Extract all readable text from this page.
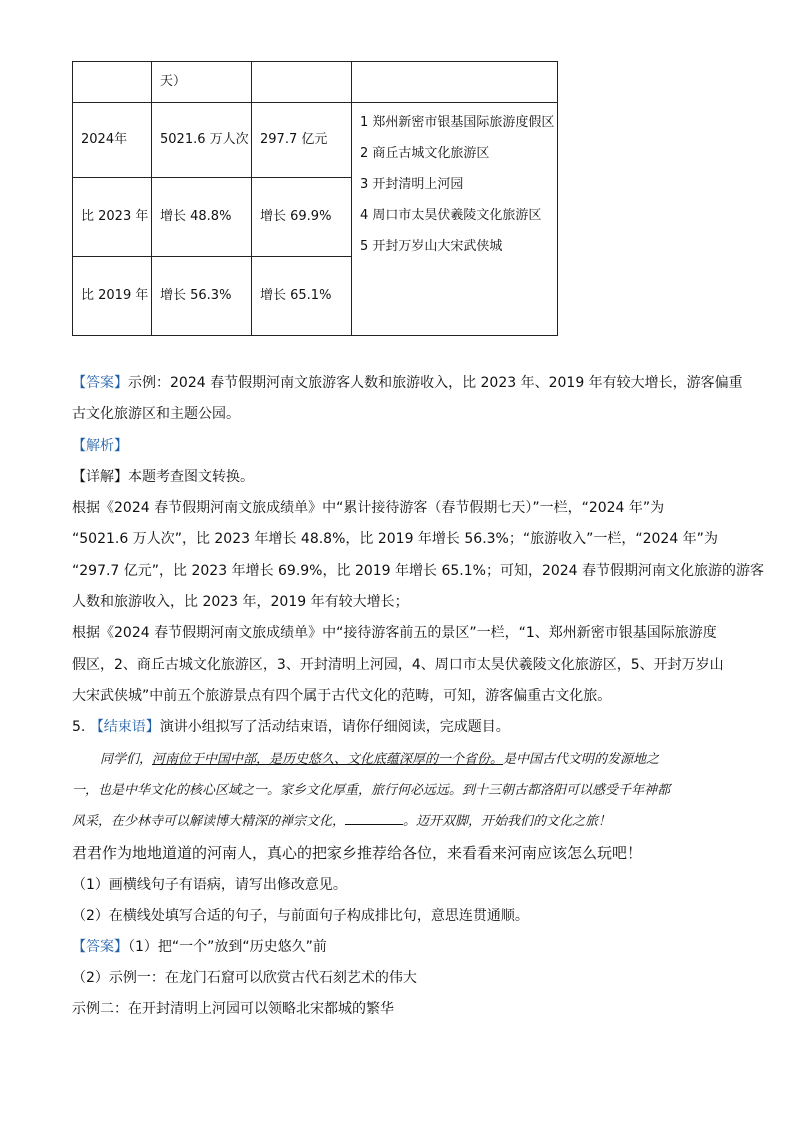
	天）		
2024年	5021.6 万人次	297.7 亿元	1 郑州新密市银基国际旅游度假区
2 商丘古城文化旅游区
3 开封清明上河园
4 周口市太昊伏羲陵文化旅游区
5 开封万岁山大宋武侠城

比 2023 年	增长 48.8%	增长 69.9%	
比 2019 年	增长 56.3%	增长 65.1%	
【答案】示例：2024 春节假期河南文旅游客人数和旅游收入，比 2023 年、2019 年有较大增长，游客偏重
古文化旅游区和主题公园。
【解析】
【详解】本题考查图文转换。
根据《2024 春节假期河南文旅成绩单》中“累计接待游客（春节假期七天）”一栏，“2024 年”为
“5021.6 万人次”，比 2023 年增长 48.8%，比 2019 年增长 56.3%；“旅游收入”一栏，“2024 年”为
“297.7 亿元”，比 2023 年增长 69.9%，比 2019 年增长 65.1%；可知，2024 春节假期河南文化旅游的游客
人数和旅游收入，比 2023 年，2019 年有较大增长；
根据《2024 春节假期河南文旅成绩单》中“接待游客前五的景区”一栏，“1、郑州新密市银基国际旅游度
假区，2、商丘古城文化旅游区，3、开封清明上河园，4、周口市太昊伏羲陵文化旅游区，5、开封万岁山
大宋武侠城”中前五个旅游景点有四个属于古代文化的范畴，可知，游客偏重古文化旅。
5. 【结束语】演讲小组拟写了活动结束语，请你仔细阅读，完成题目。
同学们，河南位于中国中部，是历史悠久、文化底蕴深厚的一个省份。是中国古代文明的发源地之
一，也是中华文化的核心区域之一。家乡文化厚重，旅行何必远远。到十三朝古都洛阳可以感受千年神都
风采，在少林寺可以解读博大精深的禅宗文化，	。迈开双脚，开始我们的文化之旅！
君君作为地地道道的河南人，真心的把家乡推荐给各位，来看看来河南应该怎么玩吧！
（1）画横线句子有语病，请写出修改意见。
（2）在横线处填写合适的句子，与前面句子构成排比句，意思连贯通顺。
【答案】（1）把“一个”放到“历史悠久”前
（2）示例一：在龙门石窟可以欣赏古代石刻艺术的伟大
示例二：在开封清明上河园可以领略北宋都城的繁华
